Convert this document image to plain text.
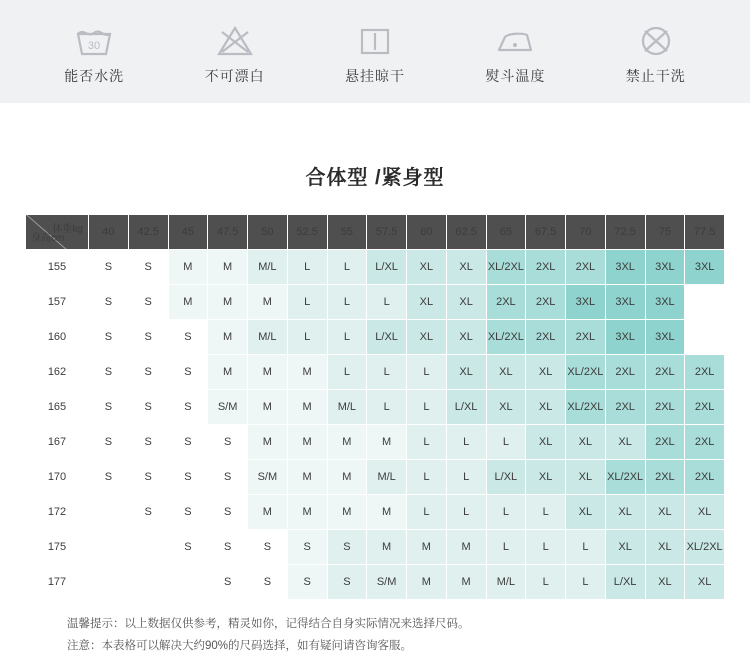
30
能否水洗	不可漂白	悬挂晾干	熨斗温度	禁止干洗
合体型 /紧身型
体重kg
身高cm	40	42.5	45	47.5	50	52.5	55	57.5	60	62.5	65	67.5	70	72.5	75	77.5
155	S	S	M	M	M/L	L	L	L/XL	XL	XL	XL/2XL	2XL	2XL	3XL	3XL	3XL
157	S	S	M	M	M	L	L	L	XL	XL	2XL	2XL	3XL	3XL	3XL	
160	S	S	S	M	M/L	L	L	L/XL	XL	XL	XL/2XL	2XL	2XL	3XL	3XL	
162	S	S	S	M	M	M	L	L	L	XL	XL	XL	XL/2XL	2XL	2XL	2XL
165	S	S	S	S/M	M	M	M/L	L	L	L/XL	XL	XL	XL/2XL	2XL	2XL	2XL
167	S	S	S	S	M	M	M	M	L	L	L	XL	XL	XL	2XL	2XL
170	S	S	S	S	S/M	M	M	M/L	L	L	L/XL	XL	XL	XL/2XL	2XL	2XL
172		S	S	S	M	M	M	M	L	L	L	L	XL	XL	XL	XL
175			S	S	S	S	S	M	M	M	L	L	L	XL	XL	XL/2XL
177				S	S	S	S	S/M	M	M	M/L	L	L	L/XL	XL	XL
温馨提示：以上数据仅供参考，精灵如你，记得结合自身实际情况来选择尺码。
注意：本表格可以解决大约90%的尺码选择，如有疑问请咨询客服。
